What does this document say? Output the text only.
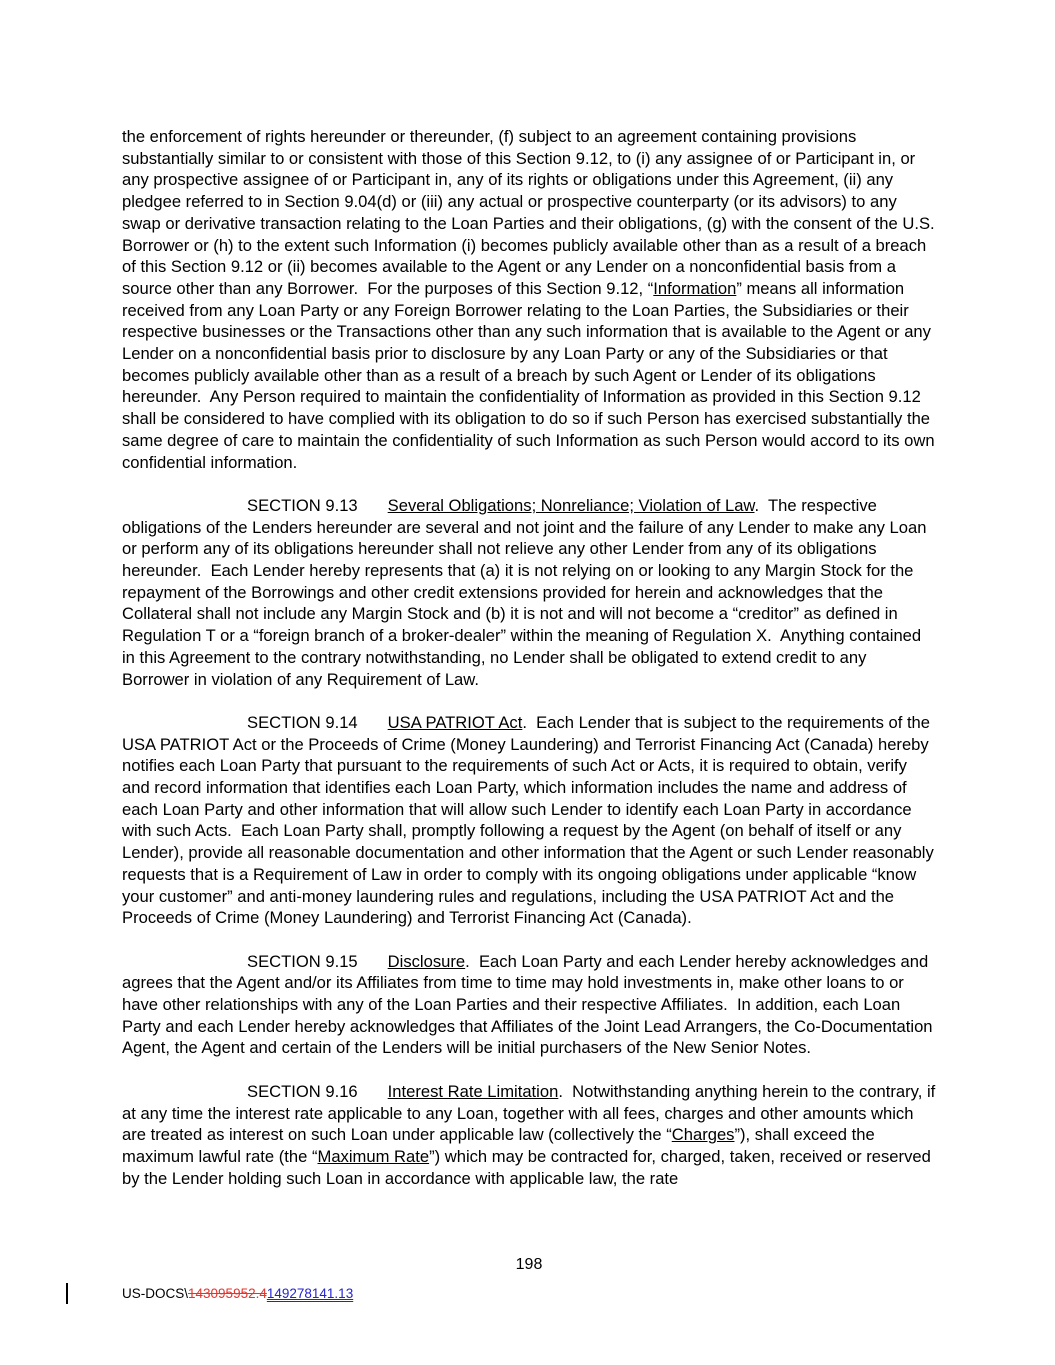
the enforcement of rights hereunder or thereunder, (f) subject to an agreement containing provisions substantially similar to or consistent with those of this Section 9.12, to (i) any assignee of or Participant in, or any prospective assignee of or Participant in, any of its rights or obligations under this Agreement, (ii) any pledgee referred to in Section 9.04(d) or (iii) any actual or prospective counterparty (or its advisors) to any swap or derivative transaction relating to the Loan Parties and their obligations, (g) with the consent of the U.S. Borrower or (h) to the extent such Information (i) becomes publicly available other than as a result of a breach of this Section 9.12 or (ii) becomes available to the Agent or any Lender on a nonconfidential basis from a source other than any Borrower.  For the purposes of this Section 9.12, “Information” means all information received from any Loan Party or any Foreign Borrower relating to the Loan Parties, the Subsidiaries or their respective businesses or the Transactions other than any such information that is available to the Agent or any Lender on a nonconfidential basis prior to disclosure by any Loan Party or any of the Subsidiaries or that becomes publicly available other than as a result of a breach by such Agent or Lender of its obligations hereunder.  Any Person required to maintain the confidentiality of Information as provided in this Section 9.12 shall be considered to have complied with its obligation to do so if such Person has exercised substantially the same degree of care to maintain the confidentiality of such Information as such Person would accord to its own confidential information.

SECTION 9.13 Several Obligations; Nonreliance; Violation of Law.  The respective obligations of the Lenders hereunder are several and not joint and the failure of any Lender to make any Loan or perform any of its obligations hereunder shall not relieve any other Lender from any of its obligations hereunder.  Each Lender hereby represents that (a) it is not relying on or looking to any Margin Stock for the repayment of the Borrowings and other credit extensions provided for herein and acknowledges that the Collateral shall not include any Margin Stock and (b) it is not and will not become a “creditor” as defined in Regulation T or a “foreign branch of a broker-dealer” within the meaning of Regulation X.  Anything contained in this Agreement to the contrary notwithstanding, no Lender shall be obligated to extend credit to any Borrower in violation of any Requirement of Law.

SECTION 9.14 USA PATRIOT Act.  Each Lender that is subject to the requirements of the USA PATRIOT Act or the Proceeds of Crime (Money Laundering) and Terrorist Financing Act (Canada) hereby notifies each Loan Party that pursuant to the requirements of such Act or Acts, it is required to obtain, verify and record information that identifies each Loan Party, which information includes the name and address of each Loan Party and other information that will allow such Lender to identify each Loan Party in accordance with such Acts.  Each Loan Party shall, promptly following a request by the Agent (on behalf of itself or any Lender), provide all reasonable documentation and other information that the Agent or such Lender reasonably requests that is a Requirement of Law in order to comply with its ongoing obligations under applicable “know your customer” and anti-money laundering rules and regulations, including the USA PATRIOT Act and the Proceeds of Crime (Money Laundering) and Terrorist Financing Act (Canada).

SECTION 9.15 Disclosure.  Each Loan Party and each Lender hereby acknowledges and agrees that the Agent and/or its Affiliates from time to time may hold investments in, make other loans to or have other relationships with any of the Loan Parties and their respective Affiliates.  In addition, each Loan Party and each Lender hereby acknowledges that Affiliates of the Joint Lead Arrangers, the Co-Documentation Agent, the Agent and certain of the Lenders will be initial purchasers of the New Senior Notes.

SECTION 9.16 Interest Rate Limitation.  Notwithstanding anything herein to the contrary, if at any time the interest rate applicable to any Loan, together with all fees, charges and other amounts which are treated as interest on such Loan under applicable law (collectively the “Charges”), shall exceed the maximum lawful rate (the “Maximum Rate”) which may be contracted for, charged, taken, received or reserved by the Lender holding such Loan in accordance with applicable law, the rate

198
US-DOCS\143095952.4149278141.13
